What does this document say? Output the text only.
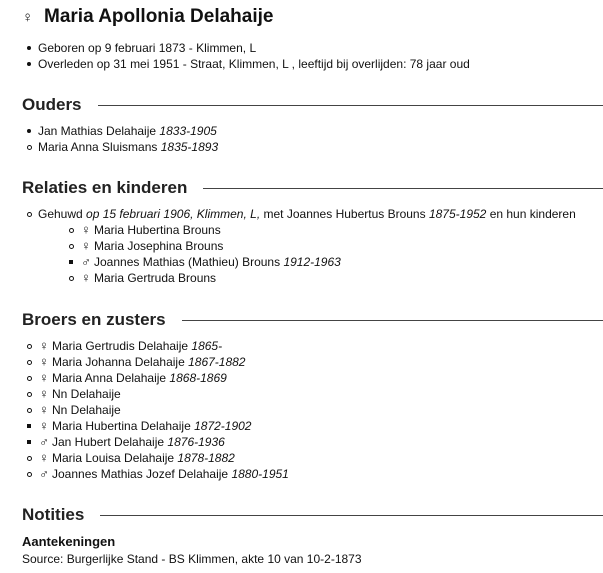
♀ Maria Apollonia Delahaije
Geboren op 9 februari 1873 - Klimmen, L
Overleden op 31 mei 1951 - Straat, Klimmen, L , leeftijd bij overlijden: 78 jaar oud
Ouders
Jan Mathias Delahaije
1833-1905
Maria Anna Sluismans
1835-1893
Relaties en kinderen
Gehuwd
op 15 februari 1906, Klimmen, L,
met
Joannes Hubertus Brouns
1875-1952
en hun kinderen
♀ Maria Hubertina Brouns
♀ Maria Josephina Brouns
♂ Joannes Mathias (Mathieu) Brouns
1912-1963
♀ Maria Gertruda Brouns
Broers en zusters
♀ Maria Gertrudis Delahaije
1865-
♀ Maria Johanna Delahaije
1867-1882
♀ Maria Anna Delahaije
1868-1869
♀ Nn Delahaije
♀ Nn Delahaije
♀ Maria Hubertina Delahaije
1872-1902
♂ Jan Hubert Delahaije
1876-1936
♀ Maria Louisa Delahaije
1878-1882
♂ Joannes Mathias Jozef Delahaije
1880-1951
Notities
Aantekeningen
Source: Burgerlijke Stand - BS Klimmen, akte 10 van 10-2-1873
